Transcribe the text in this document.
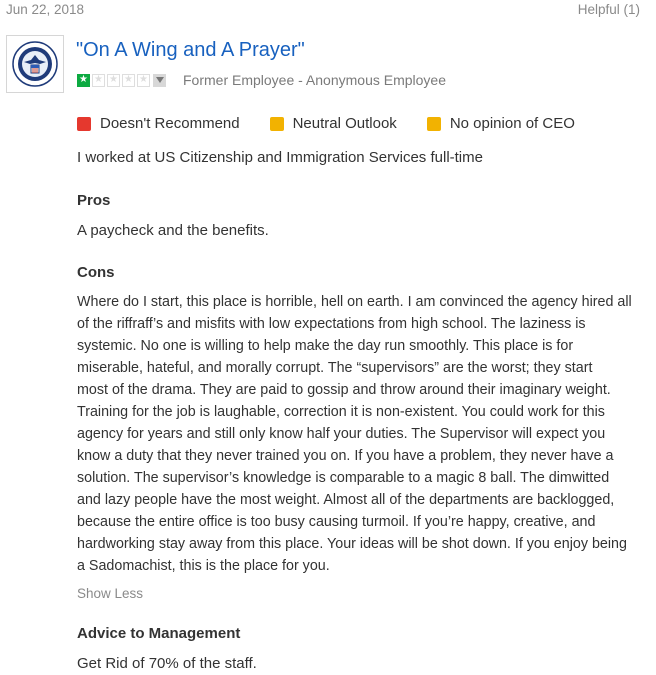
Jun 22, 2018	Helpful (1)
"On A Wing and A Prayer"
★ ★ ★ ★ ★	Former Employee - Anonymous Employee
Doesn't Recommend	Neutral Outlook	No opinion of CEO
I worked at US Citizenship and Immigration Services full-time
Pros
A paycheck and the benefits.
Cons
Where do I start, this place is horrible, hell on earth. I am convinced the agency hired all
of the riffraff’s and misfits with low expectations from high school. The laziness is
systemic. No one is willing to help make the day run smoothly. This place is for
miserable, hateful, and morally corrupt. The “supervisors” are the worst; they start
most of the drama. They are paid to gossip and throw around their imaginary weight.
Training for the job is laughable, correction it is non-existent. You could work for this
agency for years and still only know half your duties. The Supervisor will expect you
know a duty that they never trained you on. If you have a problem, they never have a
solution. The supervisor’s knowledge is comparable to a magic 8 ball. The dimwitted
and lazy people have the most weight. Almost all of the departments are backlogged,
because the entire office is too busy causing turmoil. If you’re happy, creative, and
hardworking stay away from this place. Your ideas will be shot down. If you enjoy being
a Sadomachist, this is the place for you.
Show Less
Advice to Management
Get Rid of 70% of the staff.
